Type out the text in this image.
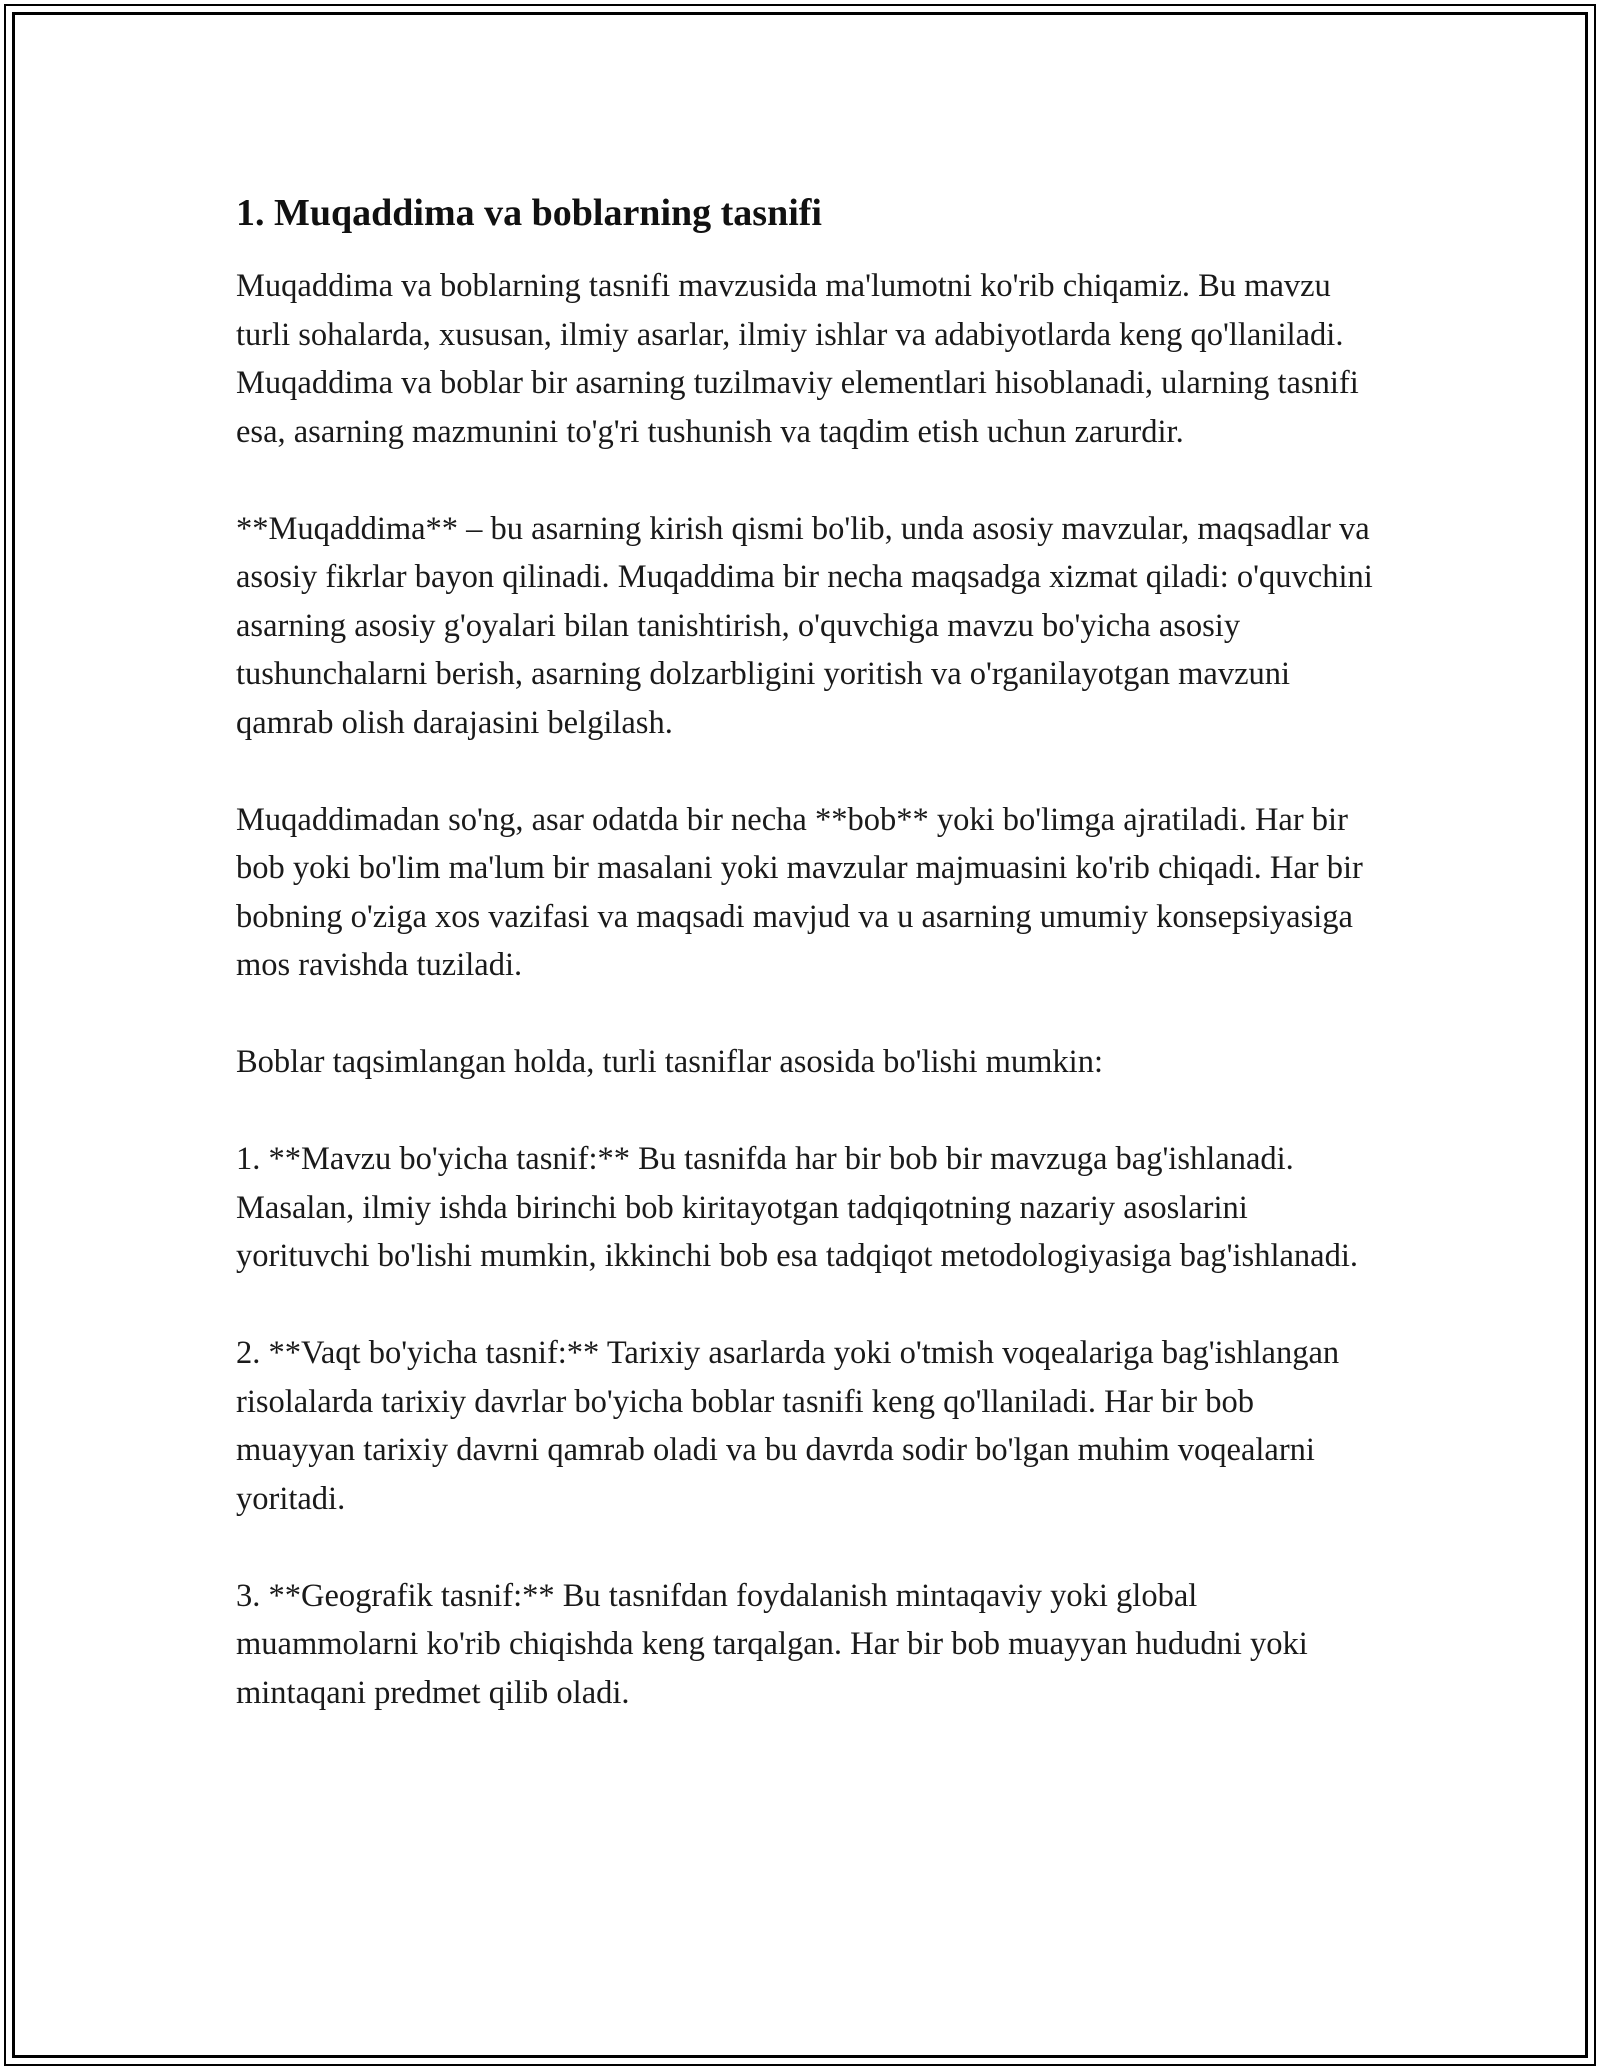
1. Muqaddima va boblarning tasnifi

Muqaddima va boblarning tasnifi mavzusida ma'lumotni ko'rib chiqamiz. Bu mavzu turli sohalarda, xususan, ilmiy asarlar, ilmiy ishlar va adabiyotlarda keng qo'llaniladi. Muqaddima va boblar bir asarning tuzilmaviy elementlari hisoblanadi, ularning tasnifi esa, asarning mazmunini to'g'ri tushunish va taqdim etish uchun zarurdir.

**Muqaddima** – bu asarning kirish qismi bo'lib, unda asosiy mavzular, maqsadlar va asosiy fikrlar bayon qilinadi. Muqaddima bir necha maqsadga xizmat qiladi: o'quvchini asarning asosiy g'oyalari bilan tanishtirish, o'quvchiga mavzu bo'yicha asosiy tushunchalarni berish, asarning dolzarbligini yoritish va o'rganilayotgan mavzuni qamrab olish darajasini belgilash.

Muqaddimadan so'ng, asar odatda bir necha **bob** yoki bo'limga ajratiladi. Har bir bob yoki bo'lim ma'lum bir masalani yoki mavzular majmuasini ko'rib chiqadi. Har bir bobning o'ziga xos vazifasi va maqsadi mavjud va u asarning umumiy konsepsiyasiga mos ravishda tuziladi.

Boblar taqsimlangan holda, turli tasniflar asosida bo'lishi mumkin:

1. **Mavzu bo'yicha tasnif:** Bu tasnifda har bir bob bir mavzuga bag'ishlanadi. Masalan, ilmiy ishda birinchi bob kiritayotgan tadqiqotning nazariy asoslarini yorituvchi bo'lishi mumkin, ikkinchi bob esa tadqiqot metodologiyasiga bag'ishlanadi.

2. **Vaqt bo'yicha tasnif:** Tarixiy asarlarda yoki o'tmish voqealariga bag'ishlangan risolalarda tarixiy davrlar bo'yicha boblar tasnifi keng qo'llaniladi. Har bir bob muayyan tarixiy davrni qamrab oladi va bu davrda sodir bo'lgan muhim voqealarni yoritadi.

3. **Geografik tasnif:** Bu tasnifdan foydalanish mintaqaviy yoki global muammolarni ko'rib chiqishda keng tarqalgan. Har bir bob muayyan hududni yoki mintaqani predmet qilib oladi.
